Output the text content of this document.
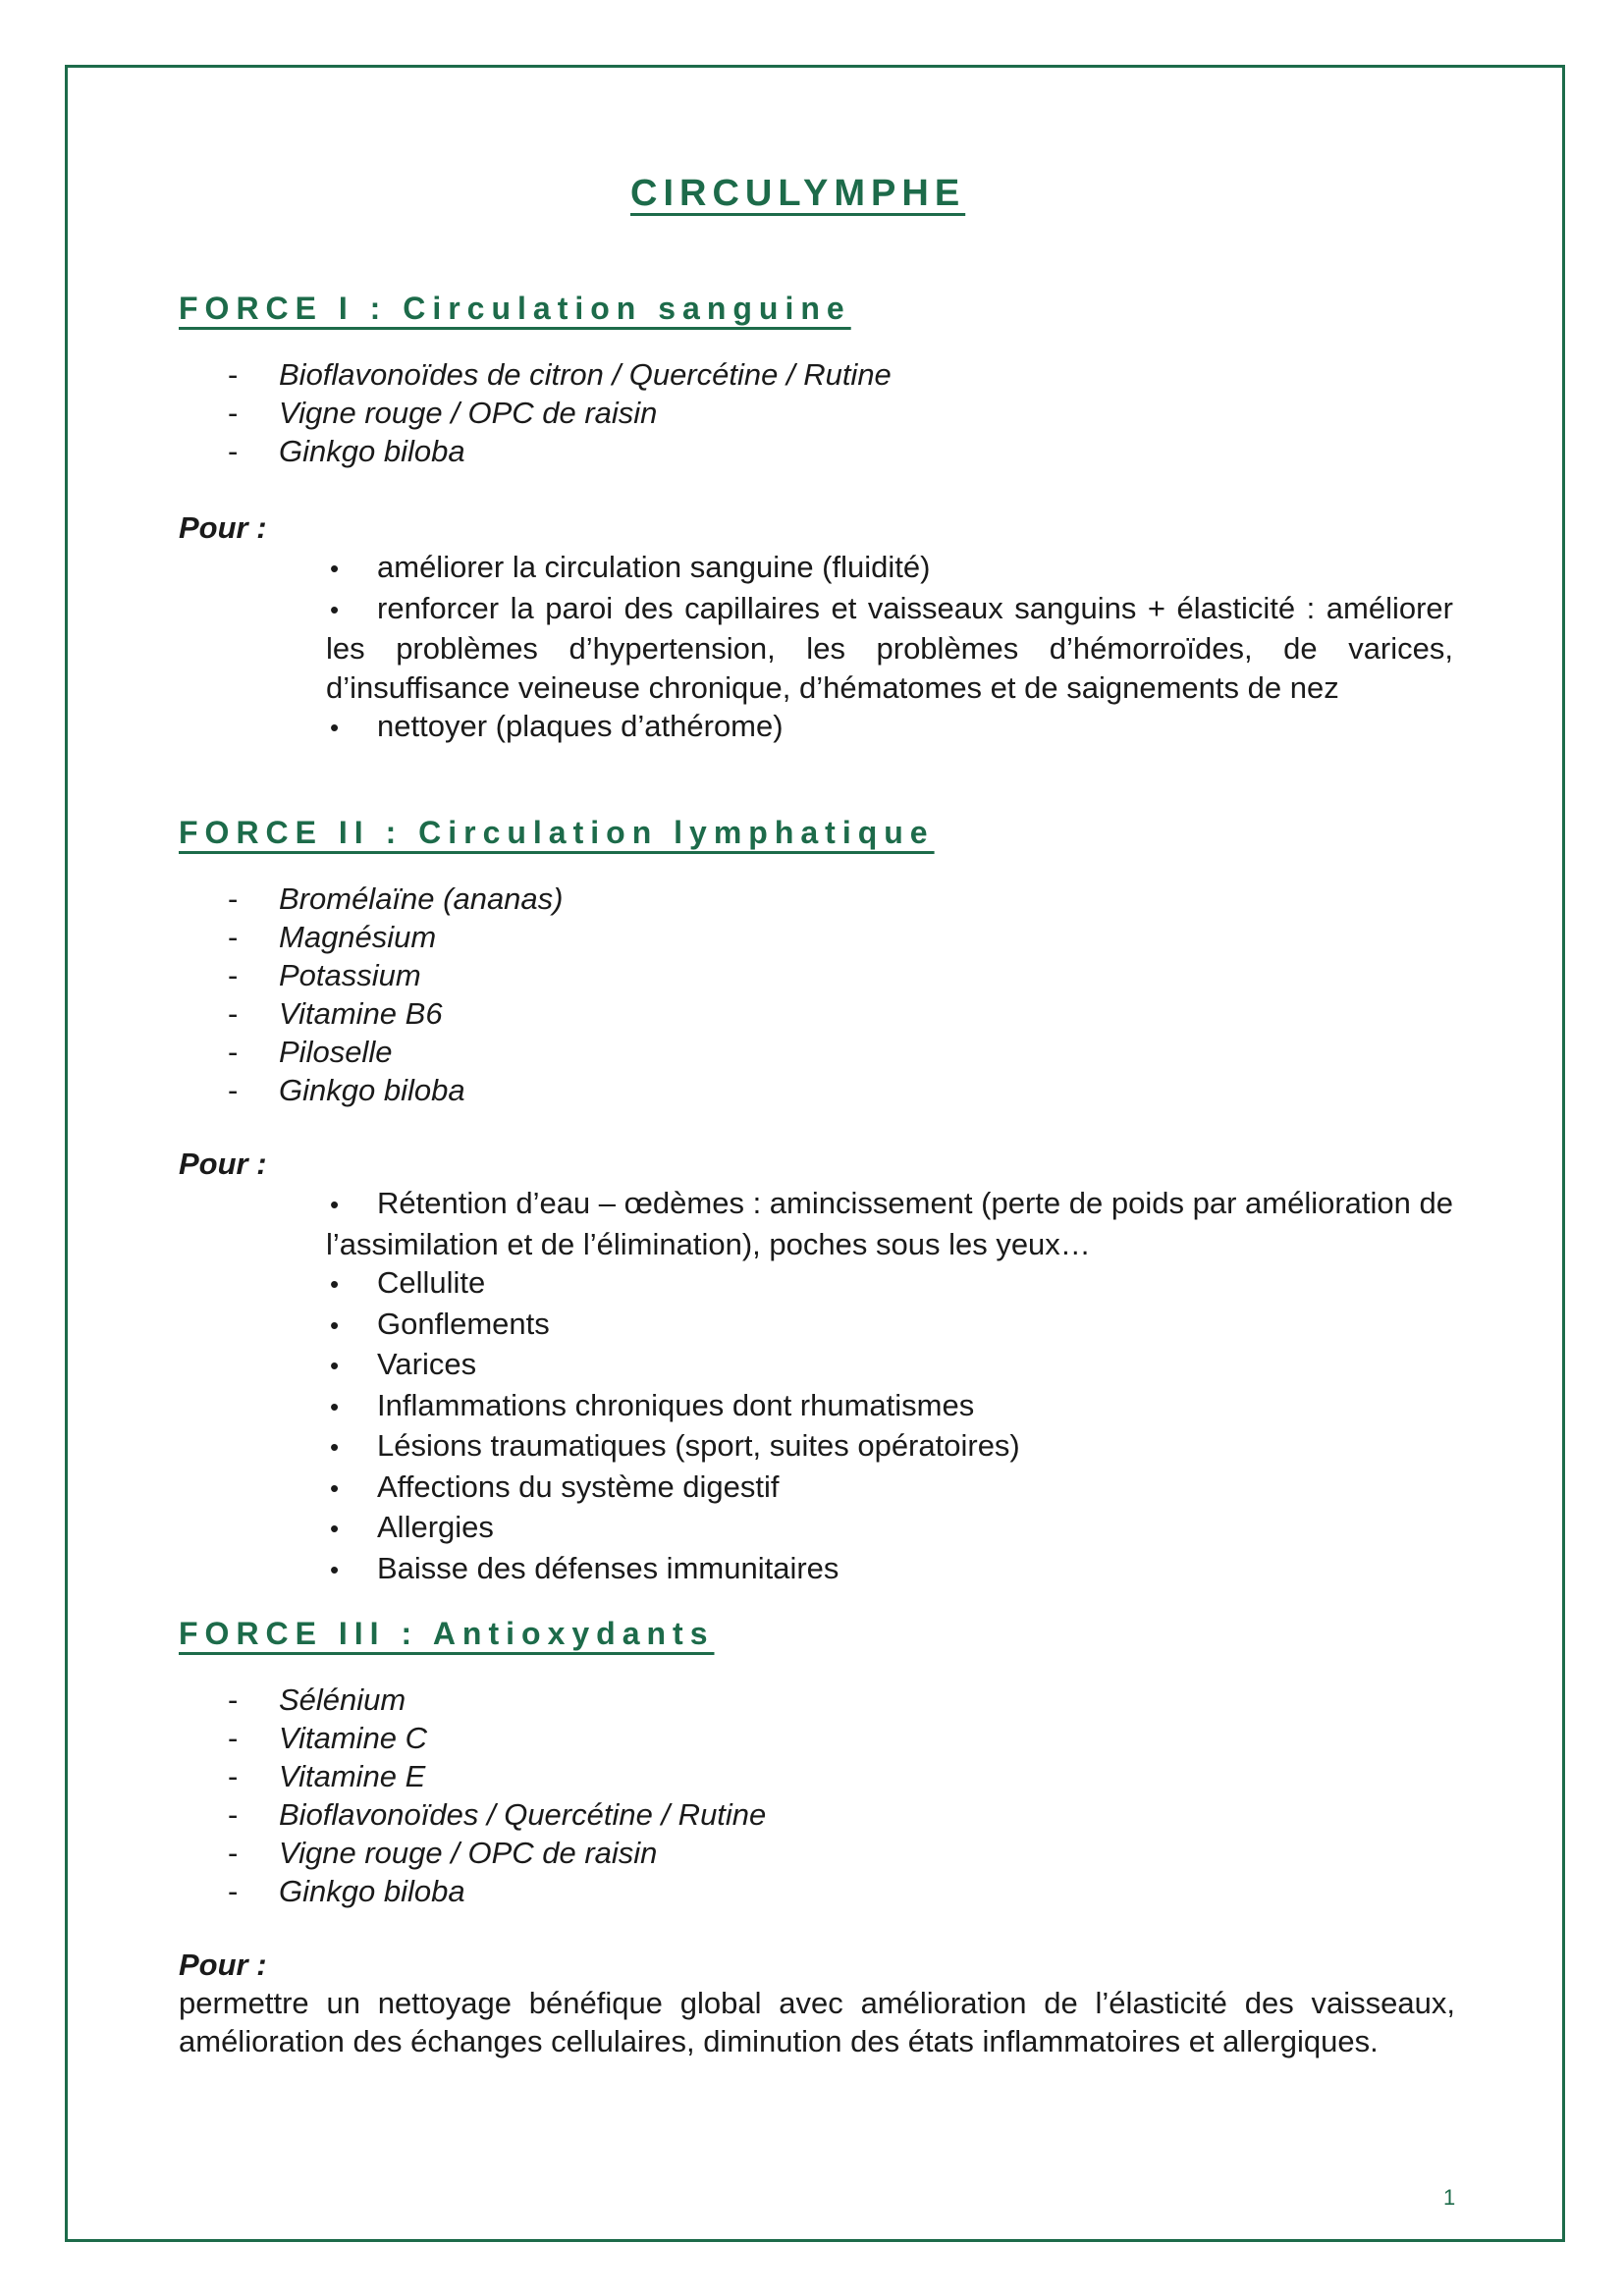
CIRCULYMPHE
FORCE I : Circulation sanguine
- Bioflavonoïdes de citron / Quercétine / Rutine
- Vigne rouge / OPC de raisin
- Ginkgo biloba

Pour :

• améliorer la circulation sanguine (fluidité)
• renforcer la paroi des capillaires et vaisseaux sanguins + élasticité : améliorer les problèmes d’hypertension, les problèmes d’hémorroïdes, de varices, d’insuffisance veineuse chronique, d’hématomes et de saignements de nez
• nettoyer (plaques d’athérome)
FORCE II : Circulation lymphatique
- Bromélaïne (ananas)
- Magnésium
- Potassium
- Vitamine B6
- Piloselle
- Ginkgo biloba

Pour :

• Rétention d’eau – œdèmes : amincissement (perte de poids par amélioration de l’assimilation et de l’élimination), poches sous les yeux…
• Cellulite
• Gonflements
• Varices
• Inflammations chroniques dont rhumatismes
• Lésions traumatiques (sport, suites opératoires)
• Affections du système digestif
• Allergies
• Baisse des défenses immunitaires
FORCE III : Antioxydants
- Sélénium
- Vitamine C
- Vitamine E
- Bioflavonoïdes / Quercétine / Rutine
- Vigne rouge / OPC de raisin
- Ginkgo biloba

Pour :

permettre un nettoyage bénéfique global avec amélioration de l’élasticité des vaisseaux, amélioration des échanges cellulaires, diminution des états inflammatoires et allergiques.

1
